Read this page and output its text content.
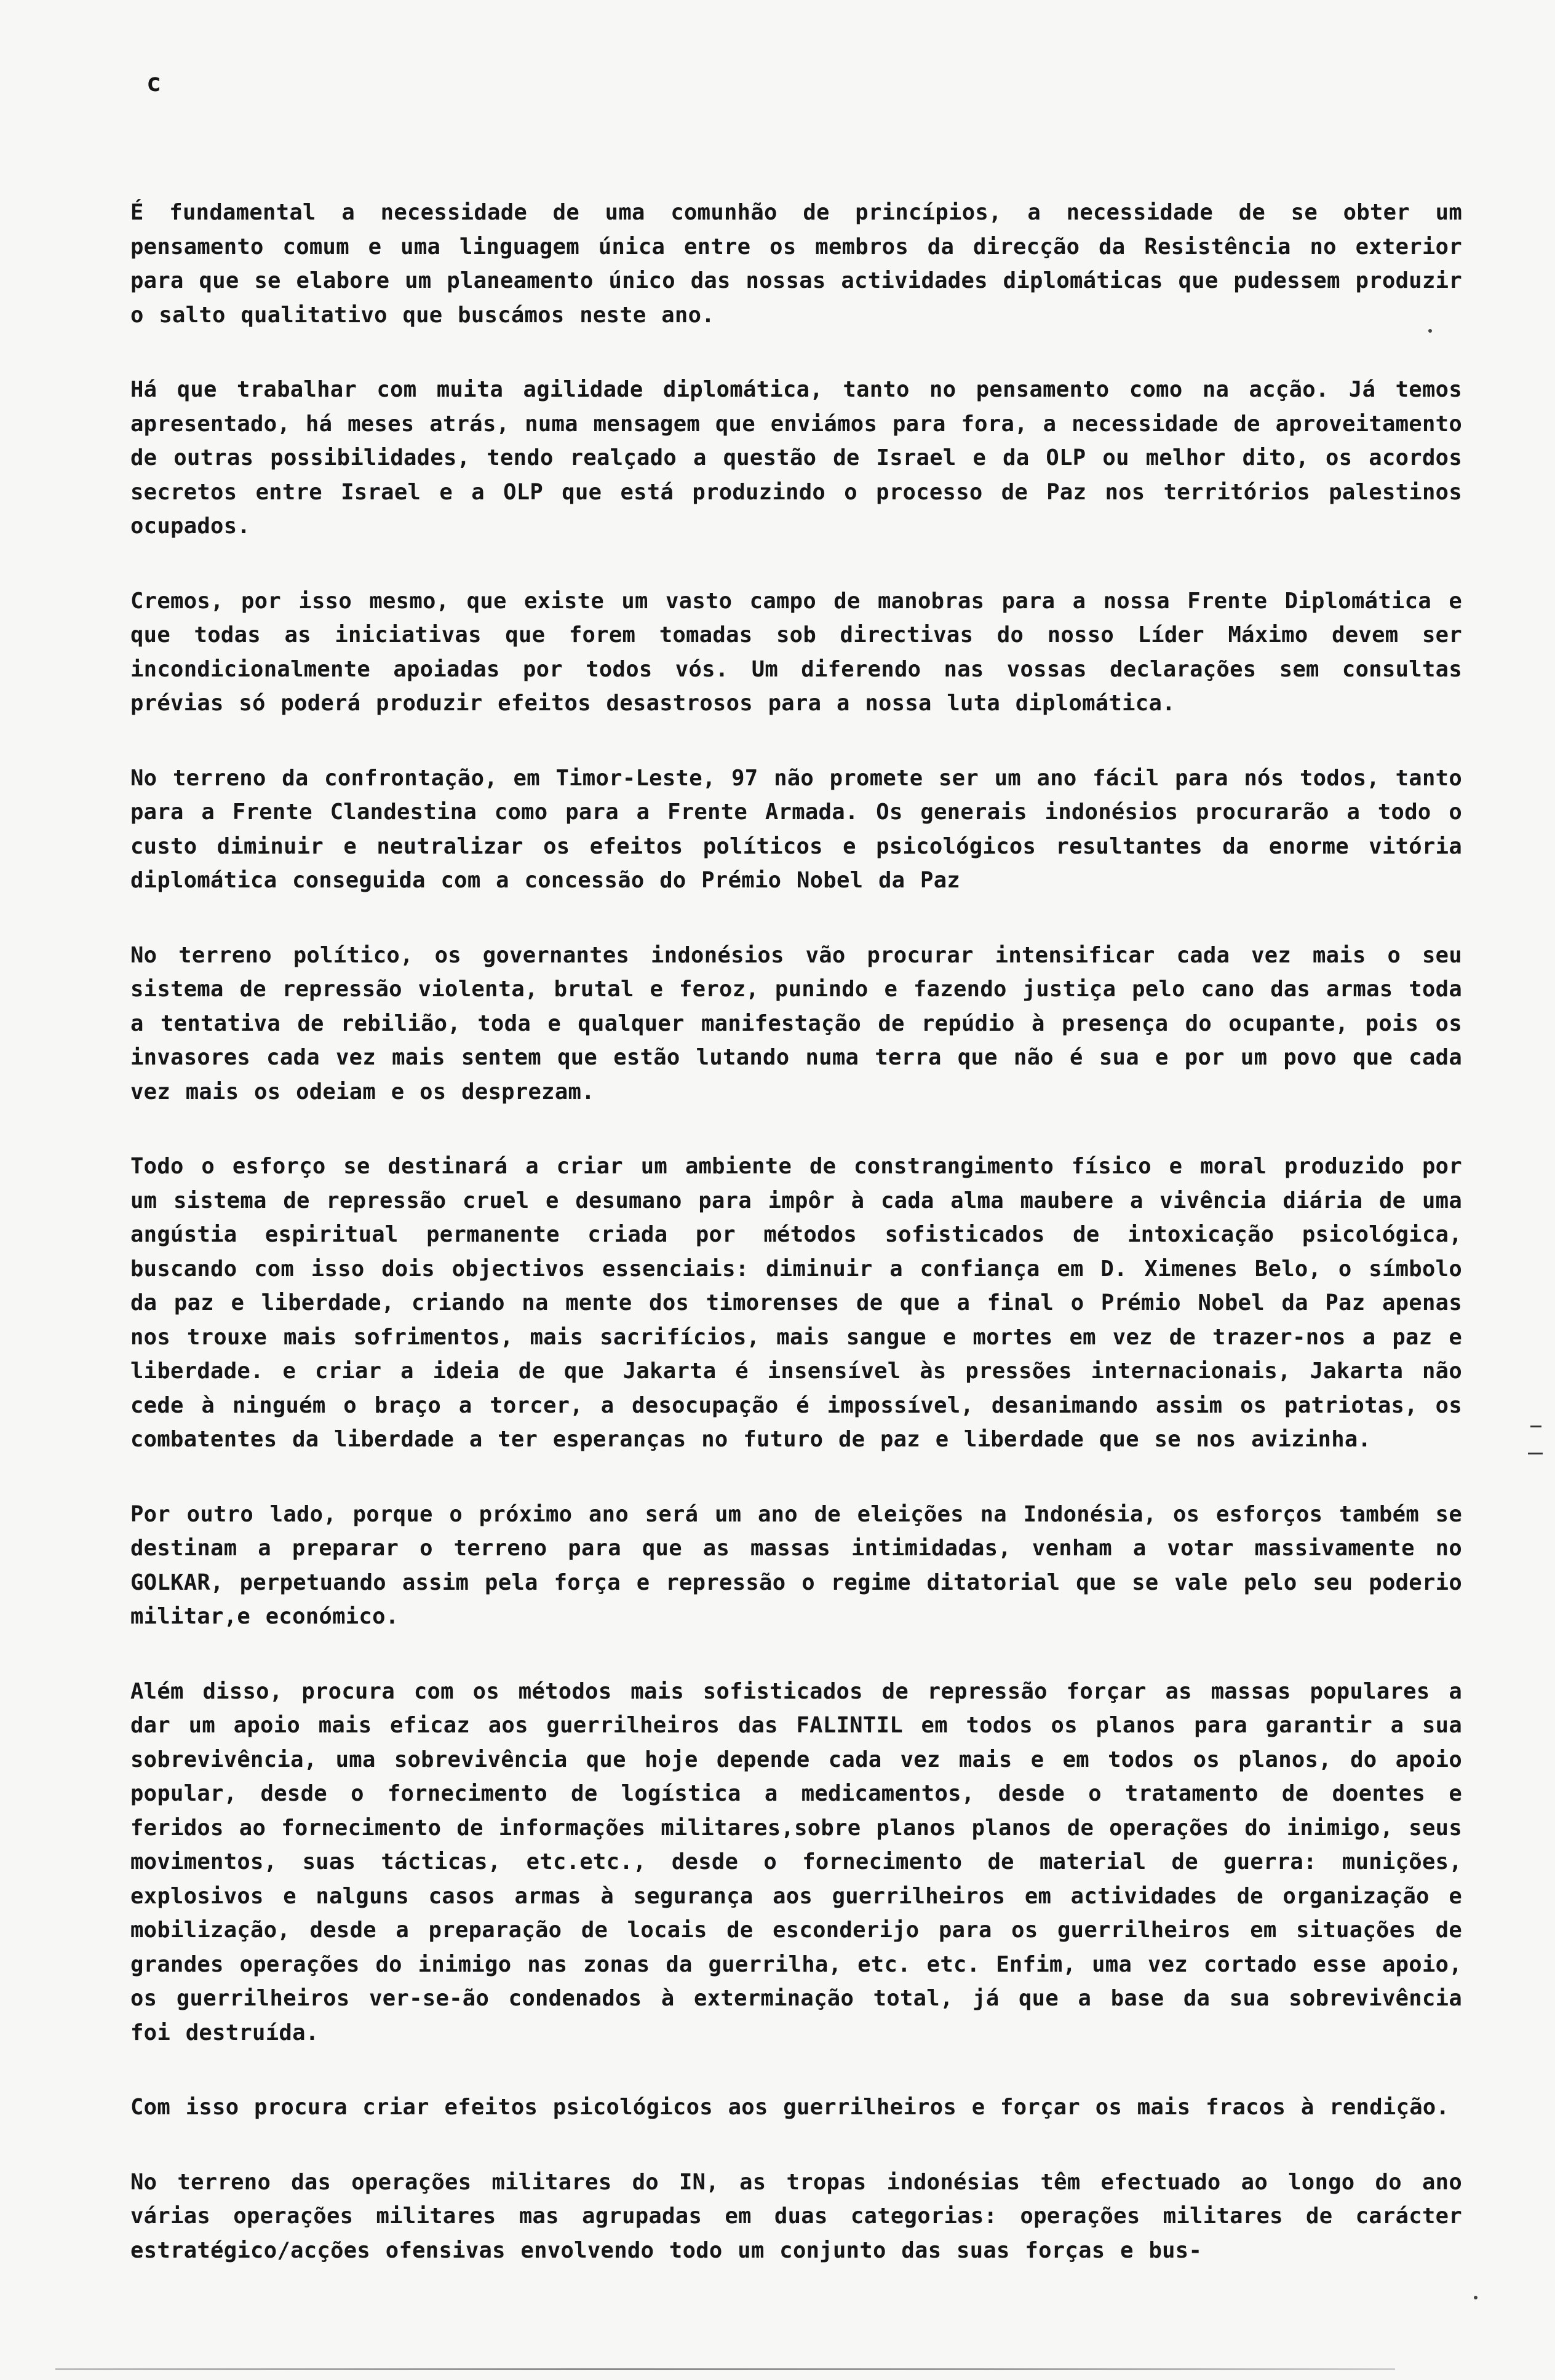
c

É fundamental a necessidade de uma comunhão de princípios, a necessidade de se obter um pensamento comum e uma linguagem única entre os membros da direcção da Resistência no exterior para que se elabore um planeamento único das nossas actividades diplomáticas que pudessem produzir o salto qualitativo que buscámos neste ano.

Há que trabalhar com muita agilidade diplomática, tanto no pensamento como na acção. Já temos apresentado, há meses atrás, numa mensagem que enviámos para fora, a necessidade de aproveitamento de outras possibilidades, tendo realçado a questão de Israel e da OLP ou melhor dito, os acordos secretos entre Israel e a OLP que está produzindo o processo de Paz nos territórios palestinos ocupados.

Cremos, por isso mesmo, que existe um vasto campo de manobras para a nossa Frente Diplomática e que todas as iniciativas que forem tomadas sob directivas do nosso Líder Máximo devem ser incondicionalmente apoiadas por todos vós. Um diferendo nas vossas declarações sem consultas prévias só poderá produzir efeitos desastrosos para a nossa luta diplomática.

No terreno da confrontação, em Timor-Leste, 97 não promete ser um ano fácil para nós todos, tanto para a Frente Clandestina como para a Frente Armada. Os generais indonésios procurarão a todo o custo diminuir e neutralizar os efeitos políticos e psicológicos resultantes da enorme vitória diplomática conseguida com a concessão do Prémio Nobel da Paz

No terreno político, os governantes indonésios vão procurar intensificar cada vez mais o seu sistema de repressão violenta, brutal e feroz, punindo e fazendo justiça pelo cano das armas toda a tentativa de rebilião, toda e qualquer manifestação de repúdio à presença do ocupante, pois os invasores cada vez mais sentem que estão lutando numa terra que não é sua e por um povo que cada vez mais os odeiam e os desprezam.

Todo o esforço se destinará a criar um ambiente de constrangimento físico e moral produzido por um sistema de repressão cruel e desumano para impôr à cada alma maubere a vivência diária de uma angústia espiritual permanente criada por métodos sofisticados de intoxicação psicológica, buscando com isso dois objectivos essenciais: diminuir a confiança em D. Ximenes Belo, o símbolo da paz e liberdade, criando na mente dos timorenses de que a final o Prémio Nobel da Paz apenas nos trouxe mais sofrimentos, mais sacrifícios, mais sangue e mortes em vez de trazer-nos a paz e liberdade. e criar a ideia de que Jakarta é insensível às pressões internacionais, Jakarta não cede à ninguém o braço a torcer, a desocupação é impossível, desanimando assim os patriotas, os combatentes da liberdade a ter esperanças no futuro de paz e liberdade que se nos avizinha.

Por outro lado, porque o próximo ano será um ano de eleições na Indonésia, os esforços também se destinam a preparar o terreno para que as massas intimidadas, venham a votar massivamente no GOLKAR, perpetuando assim pela força e repressão o regime ditatorial que se vale pelo seu poderio militar,e económico.

Além disso, procura com os métodos mais sofisticados de repressão forçar as massas populares a dar um apoio mais eficaz aos guerrilheiros das FALINTIL em todos os planos para garantir a sua sobrevivência, uma sobrevivência que hoje depende cada vez mais e em todos os planos, do apoio popular, desde o fornecimento de logística a medicamentos, desde o tratamento de doentes e feridos ao fornecimento de informações militares,sobre planos planos de operações do inimigo, seus movimentos, suas tácticas, etc.etc., desde o fornecimento de material de guerra: munições, explosivos e nalguns casos armas à segurança aos guerrilheiros em actividades de organização e mobilização, desde a preparação de locais de esconderijo para os guerrilheiros em situações de grandes operações do inimigo nas zonas da guerrilha, etc. etc. Enfim, uma vez cortado esse apoio, os guerrilheiros ver-se-ão condenados à exterminação total, já que a base da sua sobrevivência foi destruída.

Com isso procura criar efeitos psicológicos aos guerrilheiros e forçar os mais fracos à rendição.

No terreno das operações militares do IN, as tropas indonésias têm efectuado ao longo do ano várias operações militares mas agrupadas em duas categorias: operações militares de carácter estratégico/acções ofensivas envolvendo todo um conjunto das suas forças e bus-
